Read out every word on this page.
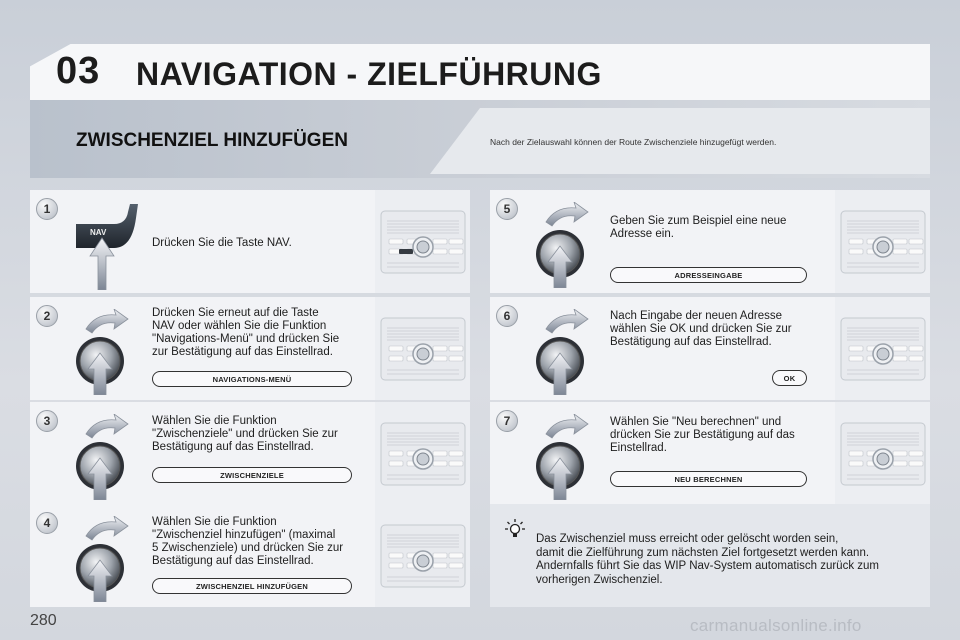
03 NAVIGATION - ZIELFÜHRUNG
ZWISCHENZIEL HINZUFÜGEN	Nach der Zielauswahl können der Route Zwischenziele hinzugefügt werden.
1
NAV
Drücken Sie die Taste NAV.
2	Drücken Sie erneut auf die Taste
NAV oder wählen Sie die Funktion
"Navigations-Menü" und drücken Sie
zur Bestätigung auf das Einstellrad.
NAVIGATIONS-MENÜ
3	Wählen Sie die Funktion
"Zwischenziele" und drücken Sie zur
Bestätigung auf das Einstellrad.
ZWISCHENZIELE
4	Wählen Sie die Funktion
"Zwischenziel hinzufügen" (maximal
5 Zwischenziele) und drücken Sie zur
Bestätigung auf das Einstellrad.
ZWISCHENZIEL HINZUFÜGEN
5
Geben Sie zum Beispiel eine neue
Adresse ein.
ADRESSEINGABE
6	Nach Eingabe der neuen Adresse
wählen Sie OK und drücken Sie zur
Bestätigung auf das Einstellrad.
OK
7	Wählen Sie "Neu berechnen" und
drücken Sie zur Bestätigung auf das
Einstellrad.
NEU BERECHNEN
Das Zwischenziel muss erreicht oder gelöscht worden sein,
damit die Zielführung zum nächsten Ziel fortgesetzt werden kann.
Andernfalls führt Sie das WIP Nav-System automatisch zurück zum
vorherigen Zwischenziel.
280	carmanualsonline.info
